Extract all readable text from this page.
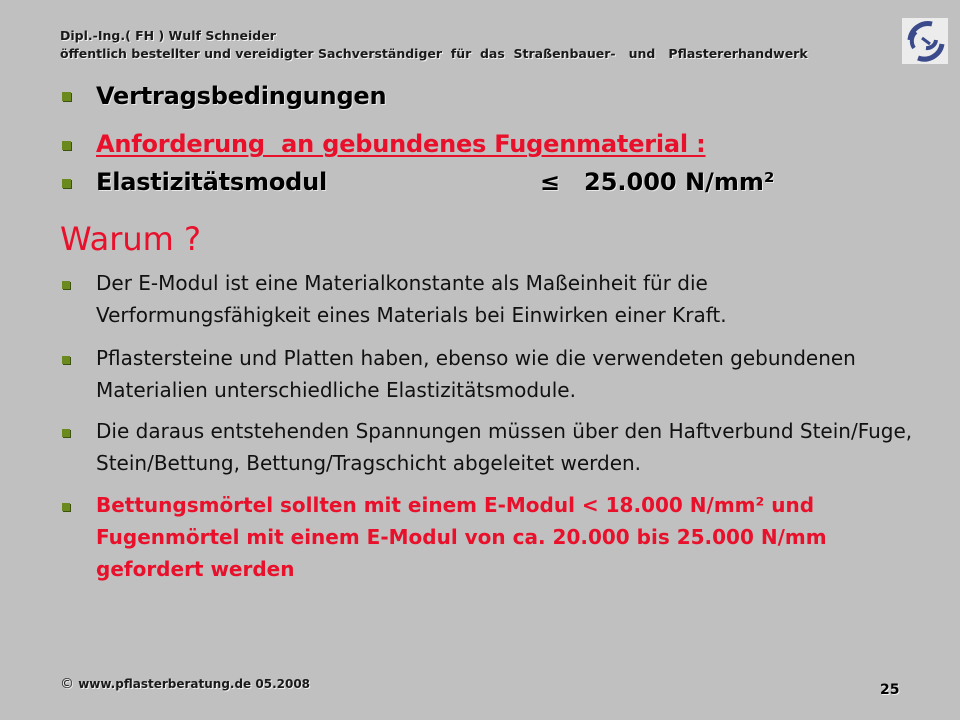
Dipl.-Ing.( FH ) Wulf Schneider
öffentlich bestellter und vereidigter Sachverständiger  für  das  Straßenbauer-   und   Pflastererhandwerk
Vertragsbedingungen
Anforderung  an gebundenes Fugenmaterial :
Elastizitätsmodul	≤ 25.000 N/mm²
Warum ?
Der E-Modul ist eine Materialkonstante als Maßeinheit für die Verformungsfähigkeit eines Materials bei Einwirken einer Kraft.
Pflastersteine und Platten haben, ebenso wie die verwendeten gebundenen Materialien unterschiedliche Elastizitätsmodule.
Die daraus entstehenden Spannungen müssen über den Haftverbund Stein/Fuge, Stein/Bettung, Bettung/Tragschicht abgeleitet werden.
Bettungsmörtel sollten mit einem E-Modul < 18.000 N/mm² und Fugenmörtel mit einem E-Modul von ca. 20.000 bis 25.000 N/mm gefordert werden
© www.pflasterberatung.de 05.2008	25
